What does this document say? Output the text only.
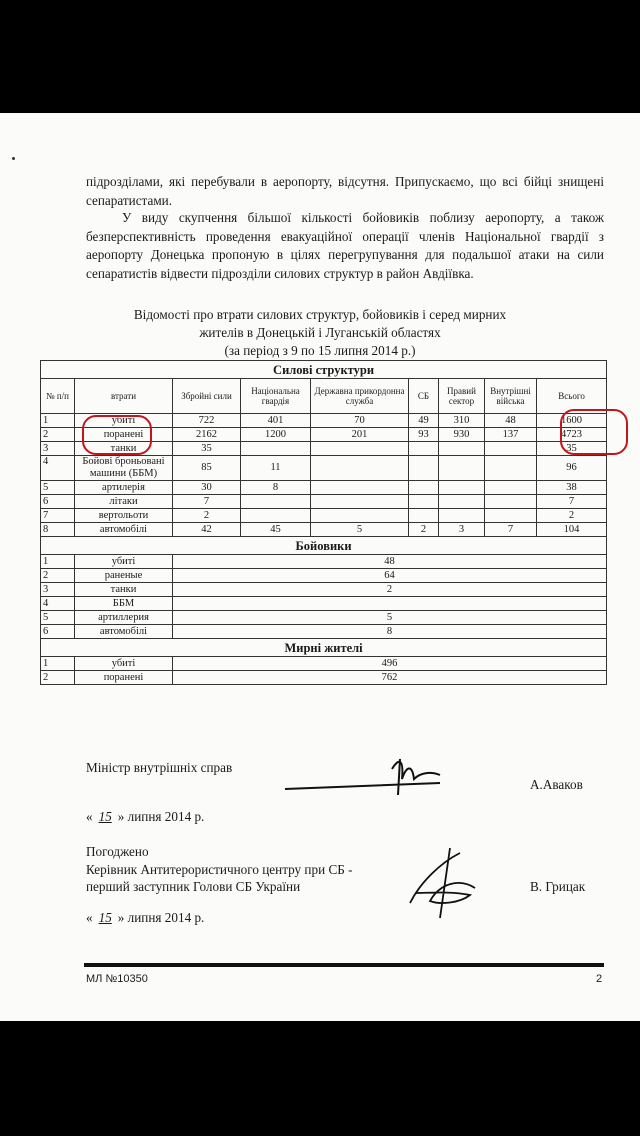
підрозділами, які перебували в аеропорту, відсутня. Припускаємо, що всі бійці знищені сепаратистами.
У виду скупчення більшої кількості бойовиків поблизу аеропорту, а також безперспективність проведення евакуаційної операції членів Національної гвардії з аеропорту Донецька пропоную в цілях перегрупування для подальшої атаки на сили сепаратистів відвести підрозділи силових структур в район Авдіївка.
Відомості про втрати силових структур, бойовиків і серед мирних
жителів в Донецькій і Луганській областях
(за період з 9 по 15 липня 2014 р.)
Силові структури								
№ п/п	втрати	Збройні сили	Національна гвардія	Державна прикордонна служба	СБ	Правий сектор	Внутрішні війська	Всього
1	убиті	722	401	70	49	310	48	1600
2	поранені	2162	1200	201	93	930	137	4723
3	танки	35						35
4	Бойові броньовані машини (ББМ)	85	11					96
5	артилерія	30	8					38
6	літаки	7						7
7	вертольоти	2						2
8	автомобілі	42	45	5	2	3	7	104
Бойовики								
1	убиті	48						
2	раненые	64						
3	танки	2						
4	ББМ							
5	артиллерия	5						
6	автомобілі	8						
Мирні жителі								
1	убиті	496						
2	поранені	762						
Міністр внутрішніх справ
А.Аваков
« 15 » липня 2014 р.
Погоджено
Керівник Антитерористичного центру при СБ -
перший заступник Голови СБ України	В. Грицак
« 15 » липня 2014 р.
МЛ №10350	2
